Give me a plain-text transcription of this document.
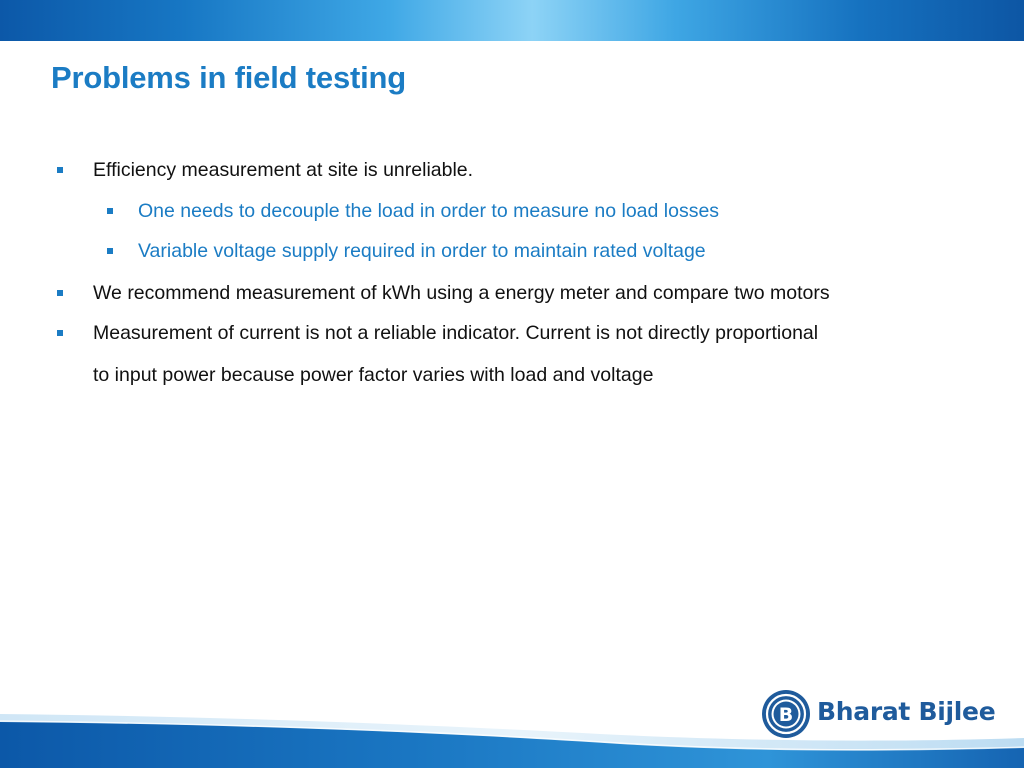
Problems in field testing
Efficiency measurement at site is unreliable.
One needs to decouple the load in order to measure no load losses
Variable voltage supply required in order to maintain rated voltage
We recommend measurement of kWh using a energy meter and compare two motors
Measurement of current is not a reliable indicator. Current is not directly proportional
to input power because power factor varies with load and voltage
B Bharat Bijlee
